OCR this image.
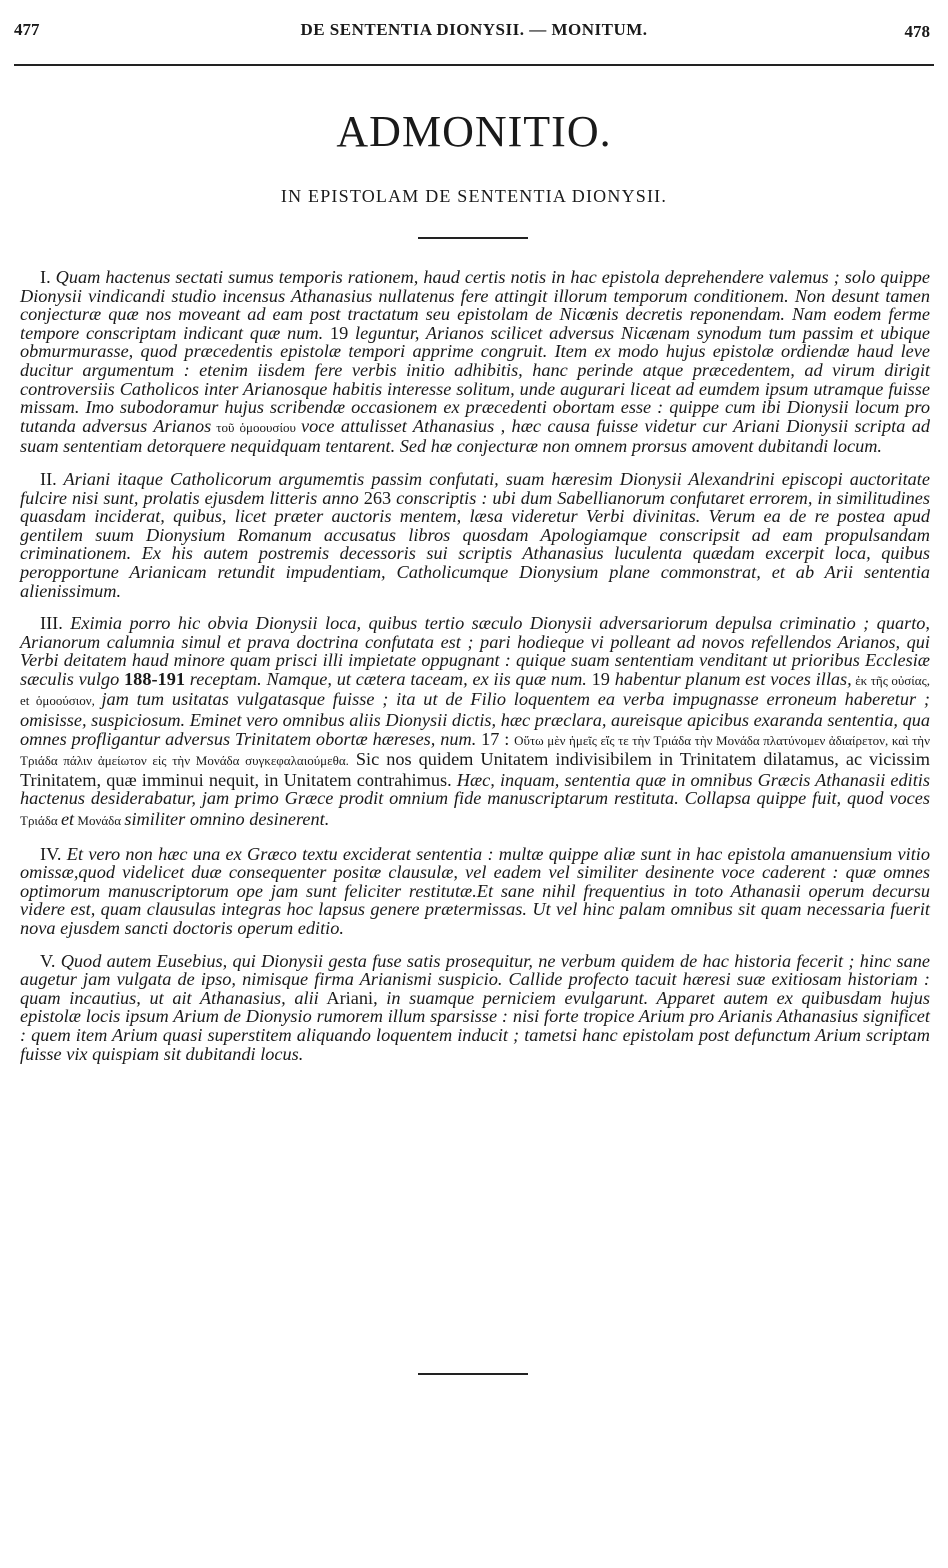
477	DE SENTENTIA DIONYSII. — MONITUM.	478
ADMONITIO.
IN EPISTOLAM DE SENTENTIA DIONYSII.

I. Quam hactenus sectati sumus temporis rationem, haud certis notis in hac epistola deprehendere valemus ; solo quippe Dionysii vindicandi studio incensus Athanasius nullatenus fere attingit illorum temporum conditionem. Non desunt tamen conjecturæ quæ nos moveant ad eam post tractatum seu epistolam de Nicœnis decretis reponendam. Nam eodem ferme tempore conscriptam indicant quæ num. 19 leguntur, Arianos scilicet adversus Nicænam synodum tum passim et ubique obmurmurasse, quod præcedentis epistolæ tempori apprime congruit. Item ex modo hujus epistolæ ordiendæ haud leve ducitur argumentum : etenim iisdem fere verbis initio adhibitis, hanc perinde atque præcedentem, ad virum dirigit controversiis Catholicos inter Arianosque habitis interesse solitum, unde augurari liceat ad eumdem ipsum utramque fuisse missam. Imo subodoramur hujus scribendæ occasionem ex præcedenti obortam esse : quippe cum ibi Dionysii locum pro tutanda adversus Arianos τοῦ ὁμοουσίου voce attulisset Athanasius , hæc causa fuisse videtur cur Ariani Dionysii scripta ad suam sententiam detorquere nequidquam tentarent. Sed hæ conjecturæ non omnem prorsus amovent dubitandi locum.

II. Ariani itaque Catholicorum argumemtis passim confutati, suam hæresim Dionysii Alexandrini episcopi auctoritate fulcire nisi sunt, prolatis ejusdem litteris anno 263 conscriptis : ubi dum Sabellianorum confutaret errorem, in similitudines quasdam inciderat, quibus, licet præter auctoris mentem, læsa videretur Verbi divinitas. Verum ea de re postea apud gentilem suum Dionysium Romanum accusatus libros quosdam Apologiamque conscripsit ad eam propulsandam criminationem. Ex his autem postremis decessoris sui scriptis Athanasius luculenta quædam excerpit loca, quibus peropportune Arianicam retundit impudentiam, Catholicumque Dionysium plane commonstrat, et ab Arii sententia alienissimum.

III. Eximia porro hic obvia Dionysii loca, quibus tertio sæculo Dionysii adversariorum depulsa criminatio ; quarto, Arianorum calumnia simul et prava doctrina confutata est ; pari hodieque vi polleant ad novos refellendos Arianos, qui Verbi deitatem haud minore quam prisci illi impietate oppugnant : quique suam sententiam venditant ut prioribus Ecclesiæ sæculis vulgo 188-191 receptam. Namque, ut cætera taceam, ex iis quæ num. 19 habentur planum est voces illas, ἐκ τῆς οὐσίας, et ὁμοούσιον, jam tum usitatas vulgatasque fuisse ; ita ut de Filio loquentem ea verba impugnasse erroneum haberetur ; omisisse, suspiciosum. Eminet vero omnibus aliis Dionysii dictis, hæc præclara, aureisque apicibus exaranda sententia, qua omnes profligantur adversus Trinitatem obortæ hæreses, num. 17 : Οὕτω μὲν ἡμεῖς εἴς τε τὴν Τριάδα τὴν Μονάδα πλατύνομεν ἀδιαίρετον, καὶ τὴν Τριάδα πάλιν ἀμείωτον εἰς τὴν Μονάδα συγκεφαλαιούμεθα. Sic nos quidem Unitatem indivisibilem in Trinitatem dilatamus, ac vicissim Trinitatem, quæ imminui nequit, in Unitatem contrahimus. Hæc, inquam, sententia quæ in omnibus Græcis Athanasii editis hactenus desiderabatur, jam primo Græce prodit omnium fide manuscriptarum restituta. Collapsa quippe fuit, quod voces Τριάδα et Μονάδα similiter omnino desinerent.

IV. Et vero non hæc una ex Græco textu exciderat sententia : multæ quippe aliæ sunt in hac epistola amanuensium vitio omissæ,quod videlicet duæ consequenter positæ clausulæ, vel eadem vel similiter desinente voce caderent : quæ omnes optimorum manuscriptorum ope jam sunt feliciter restitutæ.Et sane nihil frequentius in toto Athanasii operum decursu videre est, quam clausulas integras hoc lapsus genere prætermissas. Ut vel hinc palam omnibus sit quam necessaria fuerit nova ejusdem sancti doctoris operum editio.

V. Quod autem Eusebius, qui Dionysii gesta fuse satis prosequitur, ne verbum quidem de hac historia fecerit ; hinc sane augetur jam vulgata de ipso, nimisque firma Arianismi suspicio. Callide profecto tacuit hæresi suæ exitiosam historiam : quam incautius, ut ait Athanasius, alii Ariani, in suamque perniciem evulgarunt. Apparet autem ex quibusdam hujus epistolæ locis ipsum Arium de Dionysio rumorem illum sparsisse : nisi forte tropice Arium pro Arianis Athanasius significet : quem item Arium quasi superstitem aliquando loquentem inducit ; tametsi hanc epistolam post defunctum Arium scriptam fuisse vix quispiam sit dubitandi locus.
